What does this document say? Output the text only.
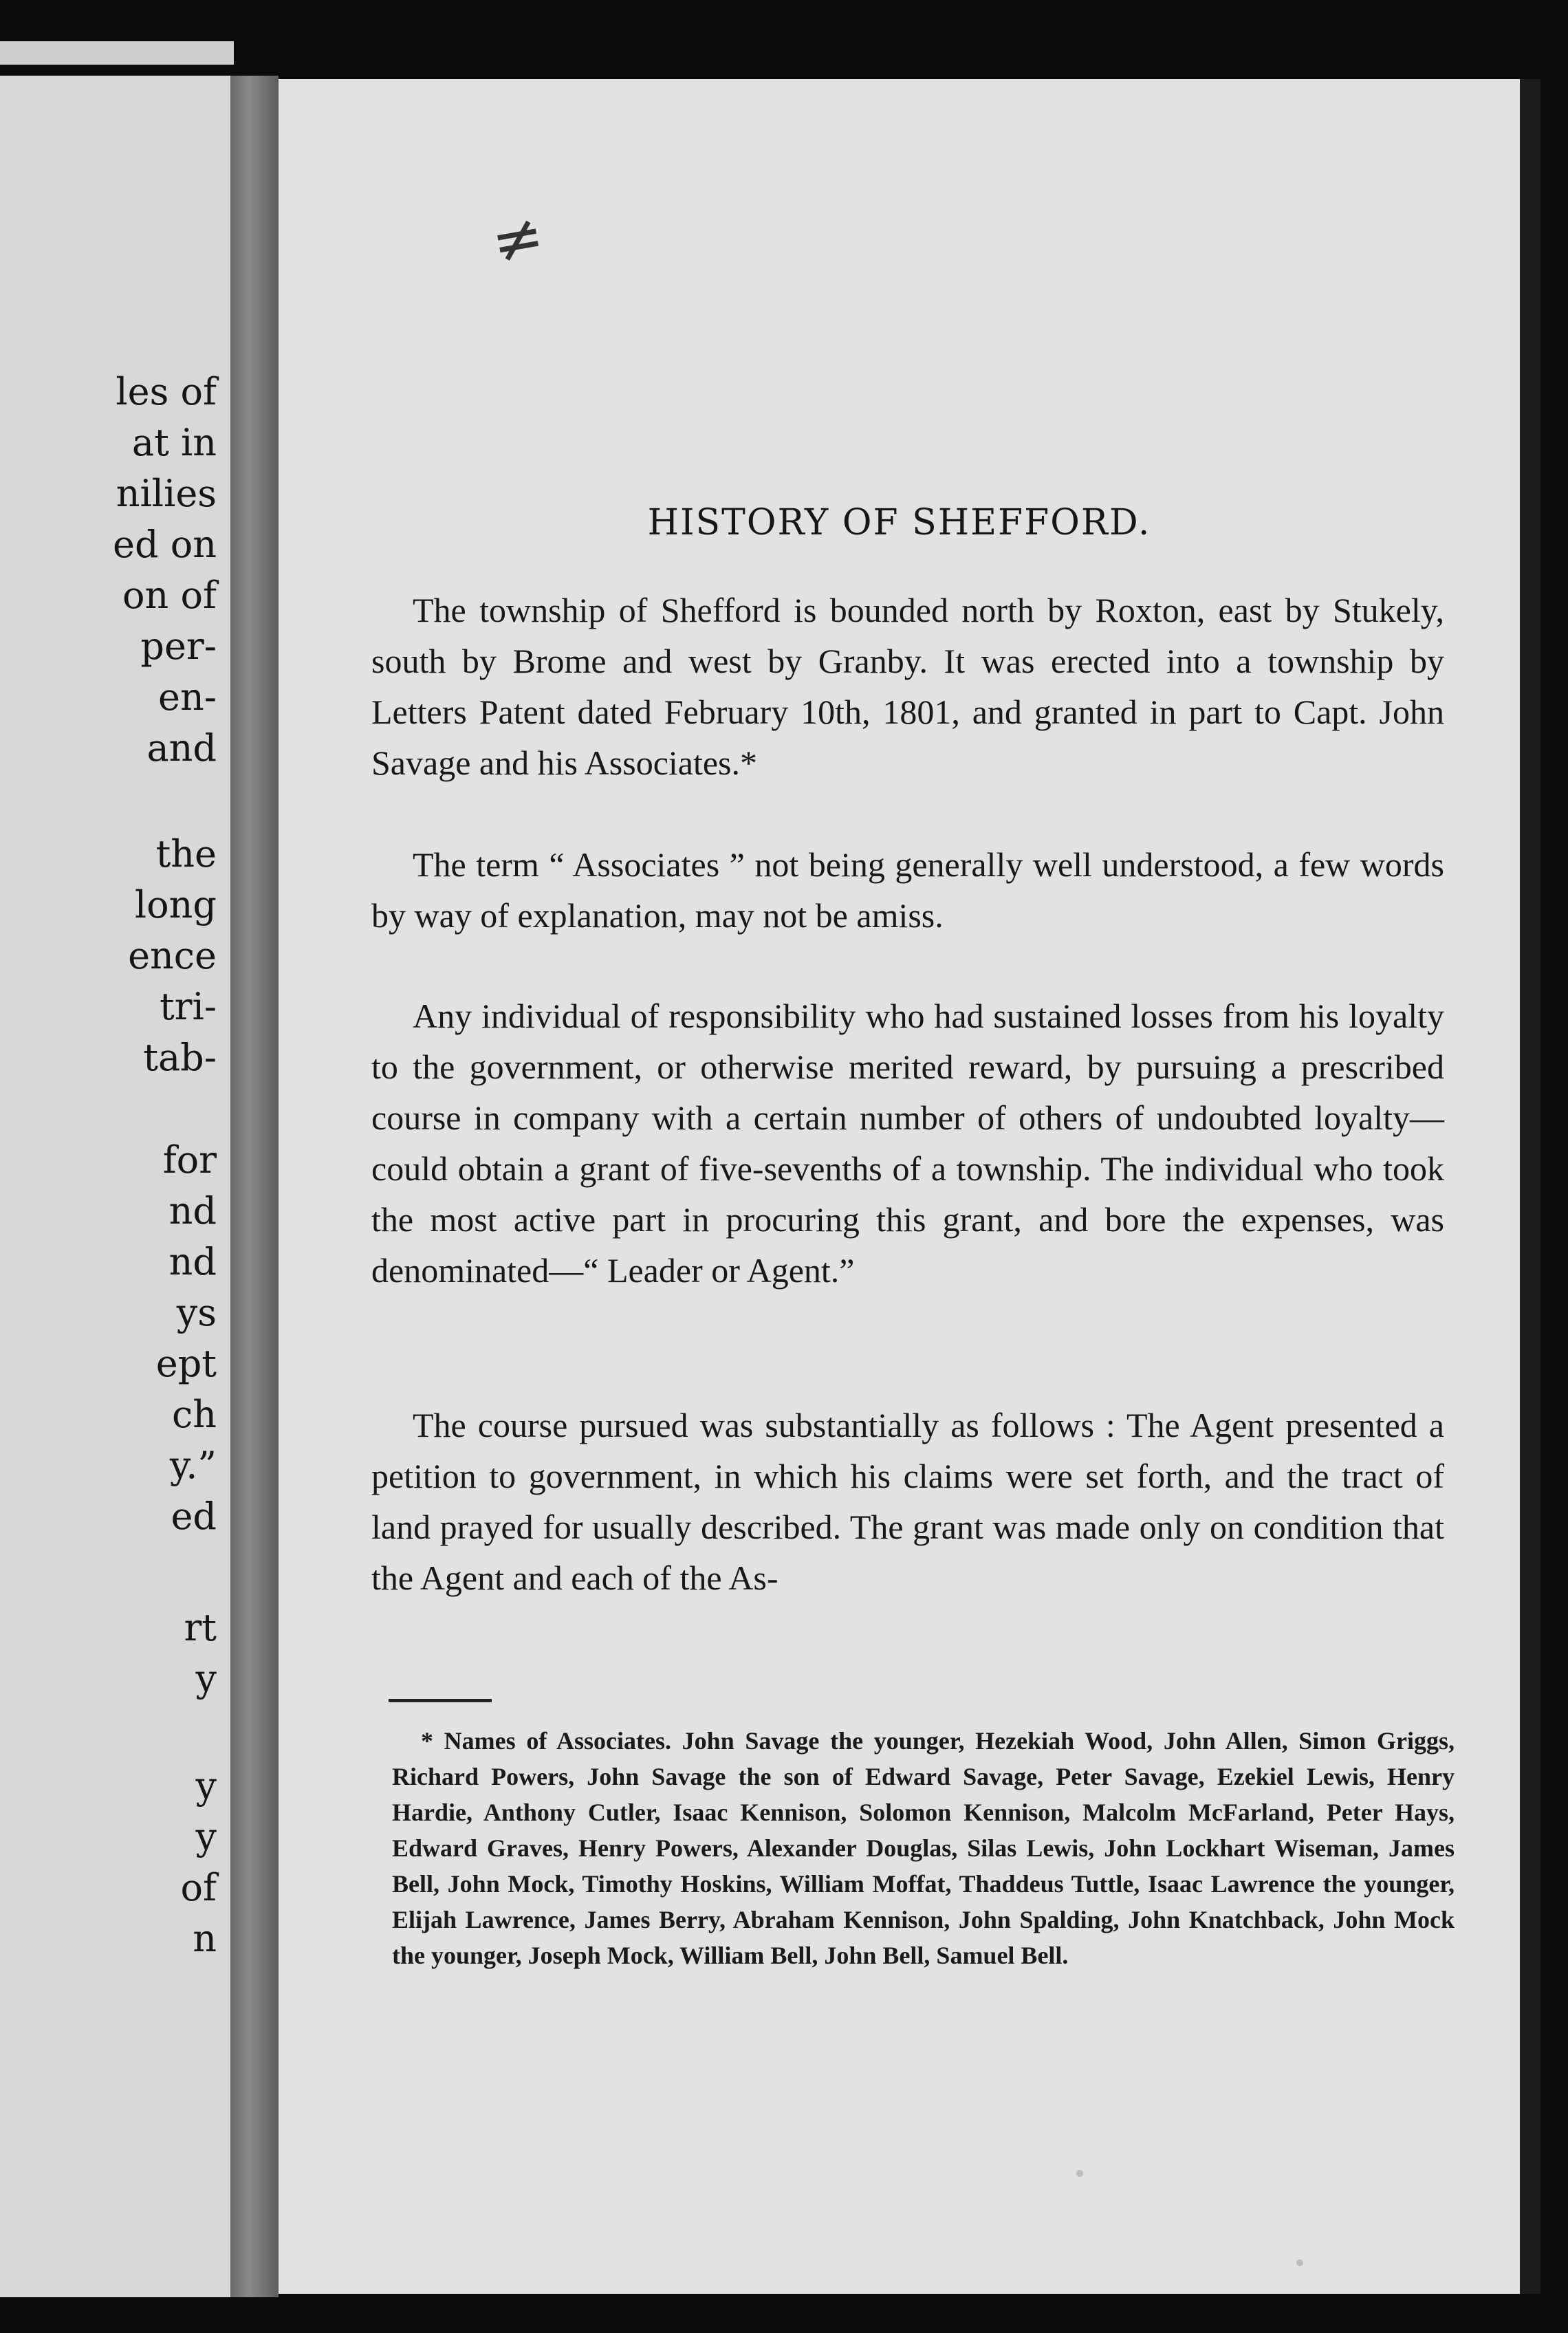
les of
at in
nilies
ed on
on of
per-
en-
and
the
long
ence
tri-
tab-
for
nd
nd
ys
ept
ch
y.”
ed
rt
y
y
y
of
n
≠
HISTORY OF SHEFFORD.
The township of Shefford is bounded north by Roxton, east by Stukely, south by Brome and west by Granby. It was erected into a township by Letters Patent dated February 10th, 1801, and granted in part to Capt. John Savage and his Associates.*
The term “ Associates ” not being generally well understood, a few words by way of explanation, may not be amiss.
Any individual of responsibility who had sustained losses from his loyalty to the government, or otherwise merited reward, by pursuing a prescribed course in company with a certain number of others of undoubted loyalty—could obtain a grant of five-sevenths of a township. The individual who took the most active part in procuring this grant, and bore the expenses, was denominated—“ Leader or Agent.”
The course pursued was substantially as follows : The Agent presented a petition to government, in which his claims were set forth, and the tract of land prayed for usually described. The grant was made only on condition that the Agent and each of the As-
* Names of Associates. John Savage the younger, Hezekiah Wood, John Allen, Simon Griggs, Richard Powers, John Savage the son of Edward Savage, Peter Savage, Ezekiel Lewis, Henry Hardie, Anthony Cutler, Isaac Kennison, Solomon Kennison, Malcolm McFarland, Peter Hays, Edward Graves, Henry Powers, Alexander Douglas, Silas Lewis, John Lockhart Wiseman, James Bell, John Mock, Timothy Hoskins, William Moffat, Thaddeus Tuttle, Isaac Lawrence the younger, Elijah Lawrence, James Berry, Abraham Kennison, John Spalding, John Knatchback, John Mock the younger, Joseph Mock, William Bell, John Bell, Samuel Bell.
